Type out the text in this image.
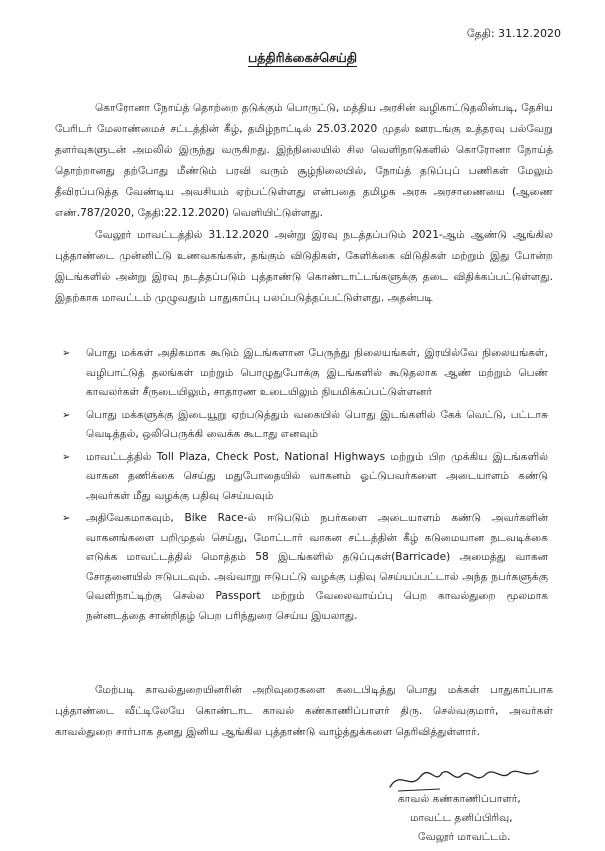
தேதி: 31.12.2020
பத்திரிக்கைச்செய்தி

கொரோனா நோய்த் தொற்றை தடுக்கும் பொருட்டு, மத்திய அரசின் வழிகாட்டுதலின்படி, தேசிய பேரிடர் மேலாண்மைச் சட்டத்தின் கீழ், தமிழ்நாட்டில் 25.03.2020 முதல் ஊரடங்கு உத்தரவு பல்வேறு தளர்வுகளுடன் அமலில் இருந்து வருகிறது. இந்நிலையில் சில வெளிநாடுகளில் கொரோனா நோய்த் தொற்றானது தற்போது மீண்டும் பரவி வரும் சூழ்நிலையில், நோய்த் தடுப்புப் பணிகள் மேலும் தீவிரப்படுத்த வேண்டிய அவசியம் ஏற்பட்டுள்ளது என்பதை தமிழக அரசு அரசாணையை (ஆணை எண்.787/2020, தேதி:22.12.2020) வெளியிட்டுள்ளது.

வேலூர் மாவட்டத்தில் 31.12.2020 அன்று இரவு நடத்தப்படும் 2021-ஆம் ஆண்டு ஆங்கில புத்தாண்டை முன்னிட்டு உணவகங்கள், தங்கும் விடுதிகள், கேளிக்கை விடுதிகள் மற்றும் இது போன்ற இடங்களில் அன்று இரவு நடத்தப்படும் புத்தாண்டு கொண்டாட்டங்களுக்கு தடை விதிக்கப்பட்டுள்ளது. இதற்காக மாவட்டம் முழுவதும் பாதுகாப்பு பலப்படுத்தப்பட்டுள்ளது. அதன்படி

➢ பொது மக்கள் அதிகமாக கூடும் இடங்களான பேருந்து நிலையங்கள், இரயில்வே நிலையங்கள், வழிபாட்டுத் தலங்கள் மற்றும் பொழுதுபோக்கு இடங்களில் கூடுதலாக ஆண் மற்றும் பெண் காவலர்கள் சீருடையிலும், சாதாரண உடையிலும் நியமிக்கப்பட்டுள்ளனர்
➢ பொது மக்களுக்கு இடையூறு ஏற்படுத்தும் வகையில் பொது இடங்களில் கேக் வெட்டு, பட்டாசு வெடித்தல், ஒலிபெருக்கி வைக்க கூடாது எனவும்
➢ மாவட்டத்தில் Toll Plaza, Check Post, National Highways மற்றும் பிற முக்கிய இடங்களில் வாகன தணிக்கை செய்து மதுபோதையில் வாகனம் ஓட்டுபவர்களை அடையாளம் கண்டு அவர்கள் மீது வழக்கு பதிவு செய்யவும்
➢ அதிவேகமாகவும், Bike Race-ல் ஈடுபடும் நபர்களை அடையாளம் கண்டு அவர்களின் வாகனங்களை பறிமுதல் செய்து, மோட்டார் வாகன சட்டத்தின் கீழ் கடுமையான நடவடிக்கை எடுக்க மாவட்டத்தில் மொத்தம் 58 இடங்களில் தடுப்புகள்(Barricade) அமைத்து வாகன சோதனையில் ஈடுபடவும். அவ்வாறு ஈடுபட்டு வழக்கு பதிவு செய்யப்பட்டால் அந்த நபர்களுக்கு வெளிநாட்டிற்கு செல்ல Passport மற்றும் வேலைவாய்ப்பு பெற காவல்துறை மூலமாக நன்னடத்தை சான்றிதழ் பெற பரிந்துரை செய்ய இயலாது.

மேற்படி காவல்துறையினரின் அறிவுரைகளை கடைபிடித்து பொது மக்கள் பாதுகாப்பாக புத்தாண்டை வீட்டிலேயே கொண்டாட காவல் கண்காணிப்பாளர் திரு. செல்வகுமார், அவர்கள் காவல்துறை சார்பாக தனது இனிய ஆங்கில புத்தாண்டு வாழ்த்துக்களை தெரிவித்துள்ளார்.

காவல் கண்காணிப்பாளர்,
மாவட்ட தனிப்பிரிவு,
வேலூர் மாவட்டம்.
